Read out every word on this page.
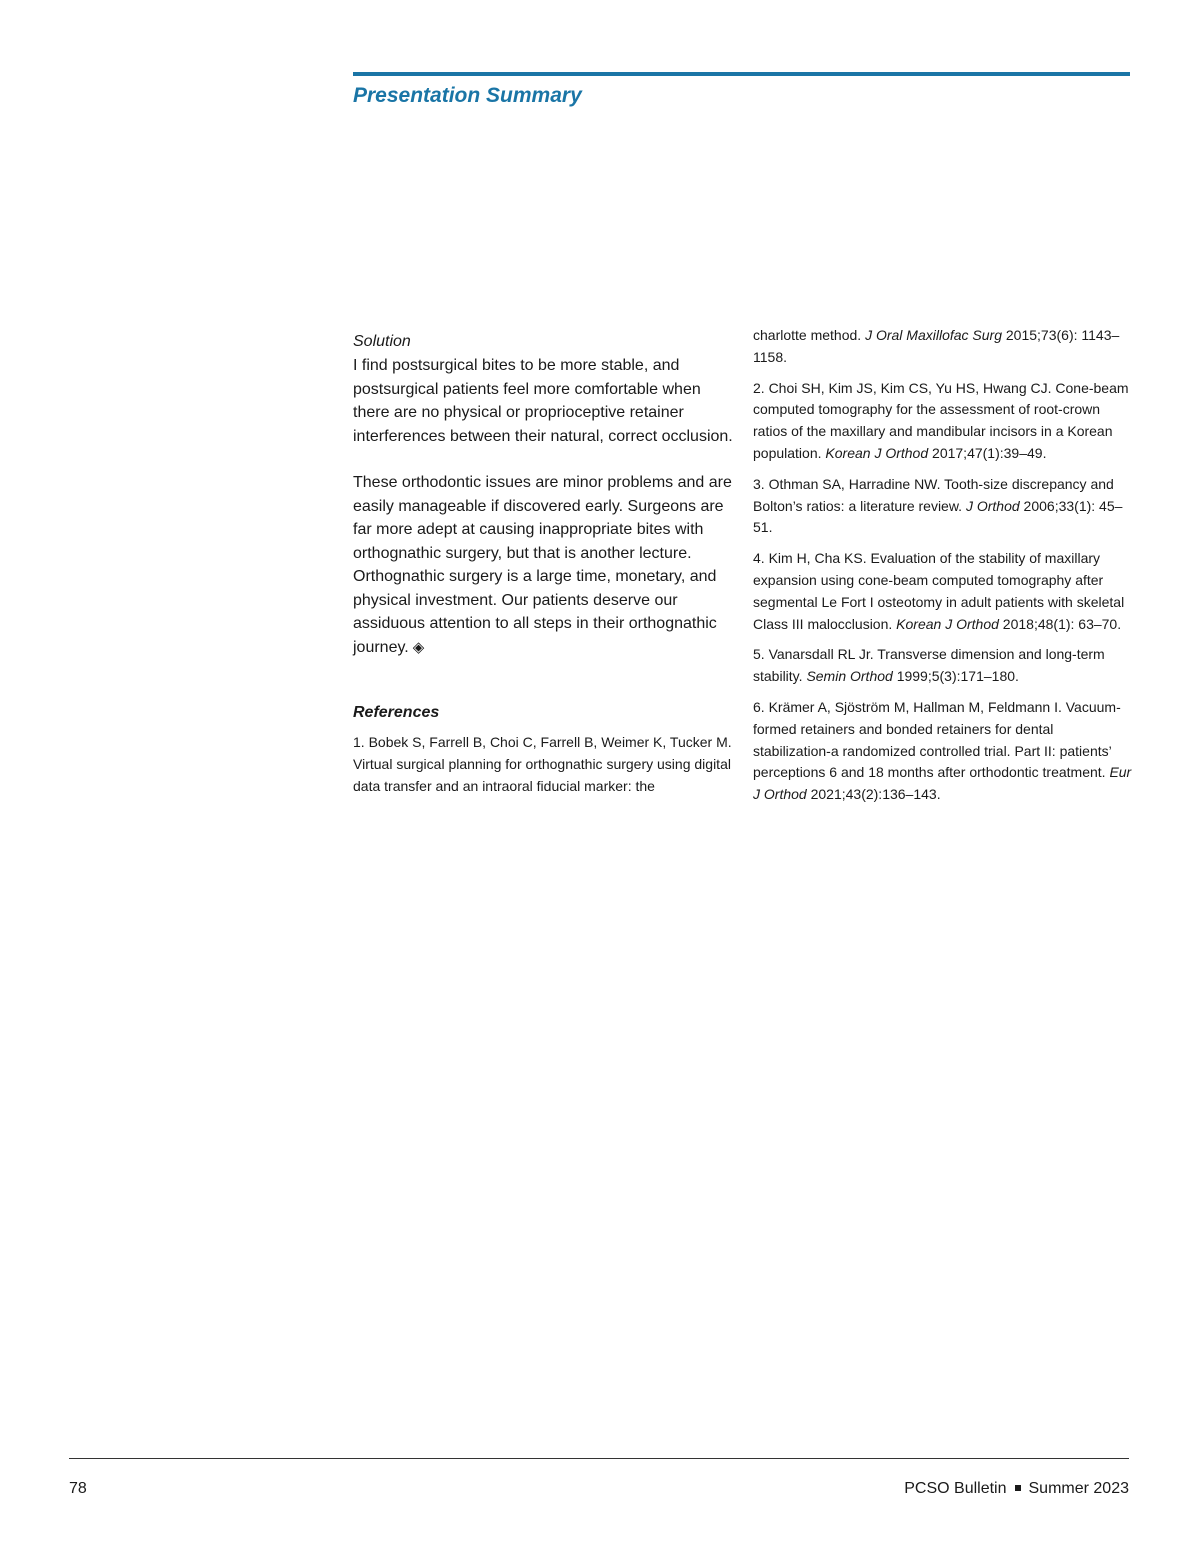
Presentation Summary

Solution

I find postsurgical bites to be more stable, and postsurgical patients feel more comfortable when there are no physical or proprioceptive retainer interferences between their natural, correct occlusion.

These orthodontic issues are minor problems and are easily manageable if discovered early. Surgeons are far more adept at causing inappropriate bites with orthognathic surgery, but that is another lecture. Orthognathic surgery is a large time, monetary, and physical investment. Our patients deserve our assiduous attention to all steps in their orthognathic journey. ◈

References

1. Bobek S, Farrell B, Choi C, Farrell B, Weimer K, Tucker M. Virtual surgical planning for orthognathic surgery using digital data transfer and an intraoral fiducial marker: the

charlotte method. J Oral Maxillofac Surg 2015;73(6): 1143–1158.

2. Choi SH, Kim JS, Kim CS, Yu HS, Hwang CJ. Cone-beam computed tomography for the assessment of root-crown ratios of the maxillary and mandibular incisors in a Korean population. Korean J Orthod 2017;47(1):39–49.

3. Othman SA, Harradine NW. Tooth-size discrepancy and Bolton’s ratios: a literature review. J Orthod 2006;33(1): 45–51.

4. Kim H, Cha KS. Evaluation of the stability of maxillary expansion using cone-beam computed tomography after segmental Le Fort I osteotomy in adult patients with skeletal Class III malocclusion. Korean J Orthod 2018;48(1): 63–70.

5. Vanarsdall RL Jr. Transverse dimension and long-term stability. Semin Orthod 1999;5(3):171–180.

6. Krämer A, Sjöström M, Hallman M, Feldmann I. Vacuum-formed retainers and bonded retainers for dental stabilization-a randomized controlled trial. Part II: patients’ perceptions 6 and 18 months after orthodontic treatment. Eur J Orthod 2021;43(2):136–143.

78	PCSO Bulletin Summer 2023
